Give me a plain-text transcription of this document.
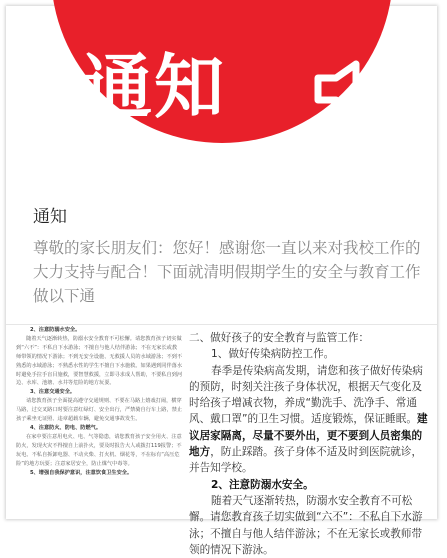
通知
通知
尊敬的家长朋友们：您好！感谢您一直以来对我校工作的大力支持与配合！下面就清明假期学生的安全与教育工作做以下通

2、注意防溺水安全。

随着天气逐渐转热，防溺水安全教育不可松懈。请您教育孩子切实做到“六不”：不私自下水游泳；不擅自与他人结伴游泳；不在无家长或教师带领的情况下游泳；不到无安全设施、无救援人员的水域游泳；不到不熟悉的水域游泳；不熟悉水性的学生不擅自下水施救。如果遇到同伴落水时避免手拉手盲目施救，要智慧救援，立即寻求成人帮助，不要私自到河边、水库、池塘、水井等危险的地方玩耍。

3、注意交通安全。

请您教育孩子全面提高遵守交通规则、不要在马路上嬉戏打闹，横穿马路，过交叉路口时要注意红绿灯、安全出行，严禁骑自行车上路，禁止孩子乘坐无证照、违章超载车辆，避免交通事故发生。

4、注意防火、防电、防燃气。

在家中要注意用电火、电、气等隐患，请您教育孩子安全用火、注意防火，发现火灾不得擅自上前扑火，要及时报告大人或拨打119报警；不玩电、不私自拆卸电器、不动火柴、打火机、烟花等，不在标有“高压危险”的地方玩耍；注意家居安全，防止煤气中毒等。

5、增强自我保护意识，注意饮食卫生安全。

二、做好孩子的安全教育与监管工作：

1、做好传染病防控工作。

春季是传染病高发期，请您和孩子做好传染病的预防，时刻关注孩子身体状况，根据天气变化及时给孩子增减衣物，养成“勤洗手、洗净手、常通风、戴口罩”的卫生习惯。适度锻炼，保证睡眠。建议居家隔离，尽量不要外出，更不要到人员密集的地方，防止踩踏。孩子身体不适及时到医院就诊，并告知学校。

2、注意防溺水安全。

随着天气逐渐转热，防溺水安全教育不可松懈。请您教育孩子切实做到“六不”：不私自下水游泳；不擅自与他人结伴游泳；不在无家长或教师带领的情况下游泳。
